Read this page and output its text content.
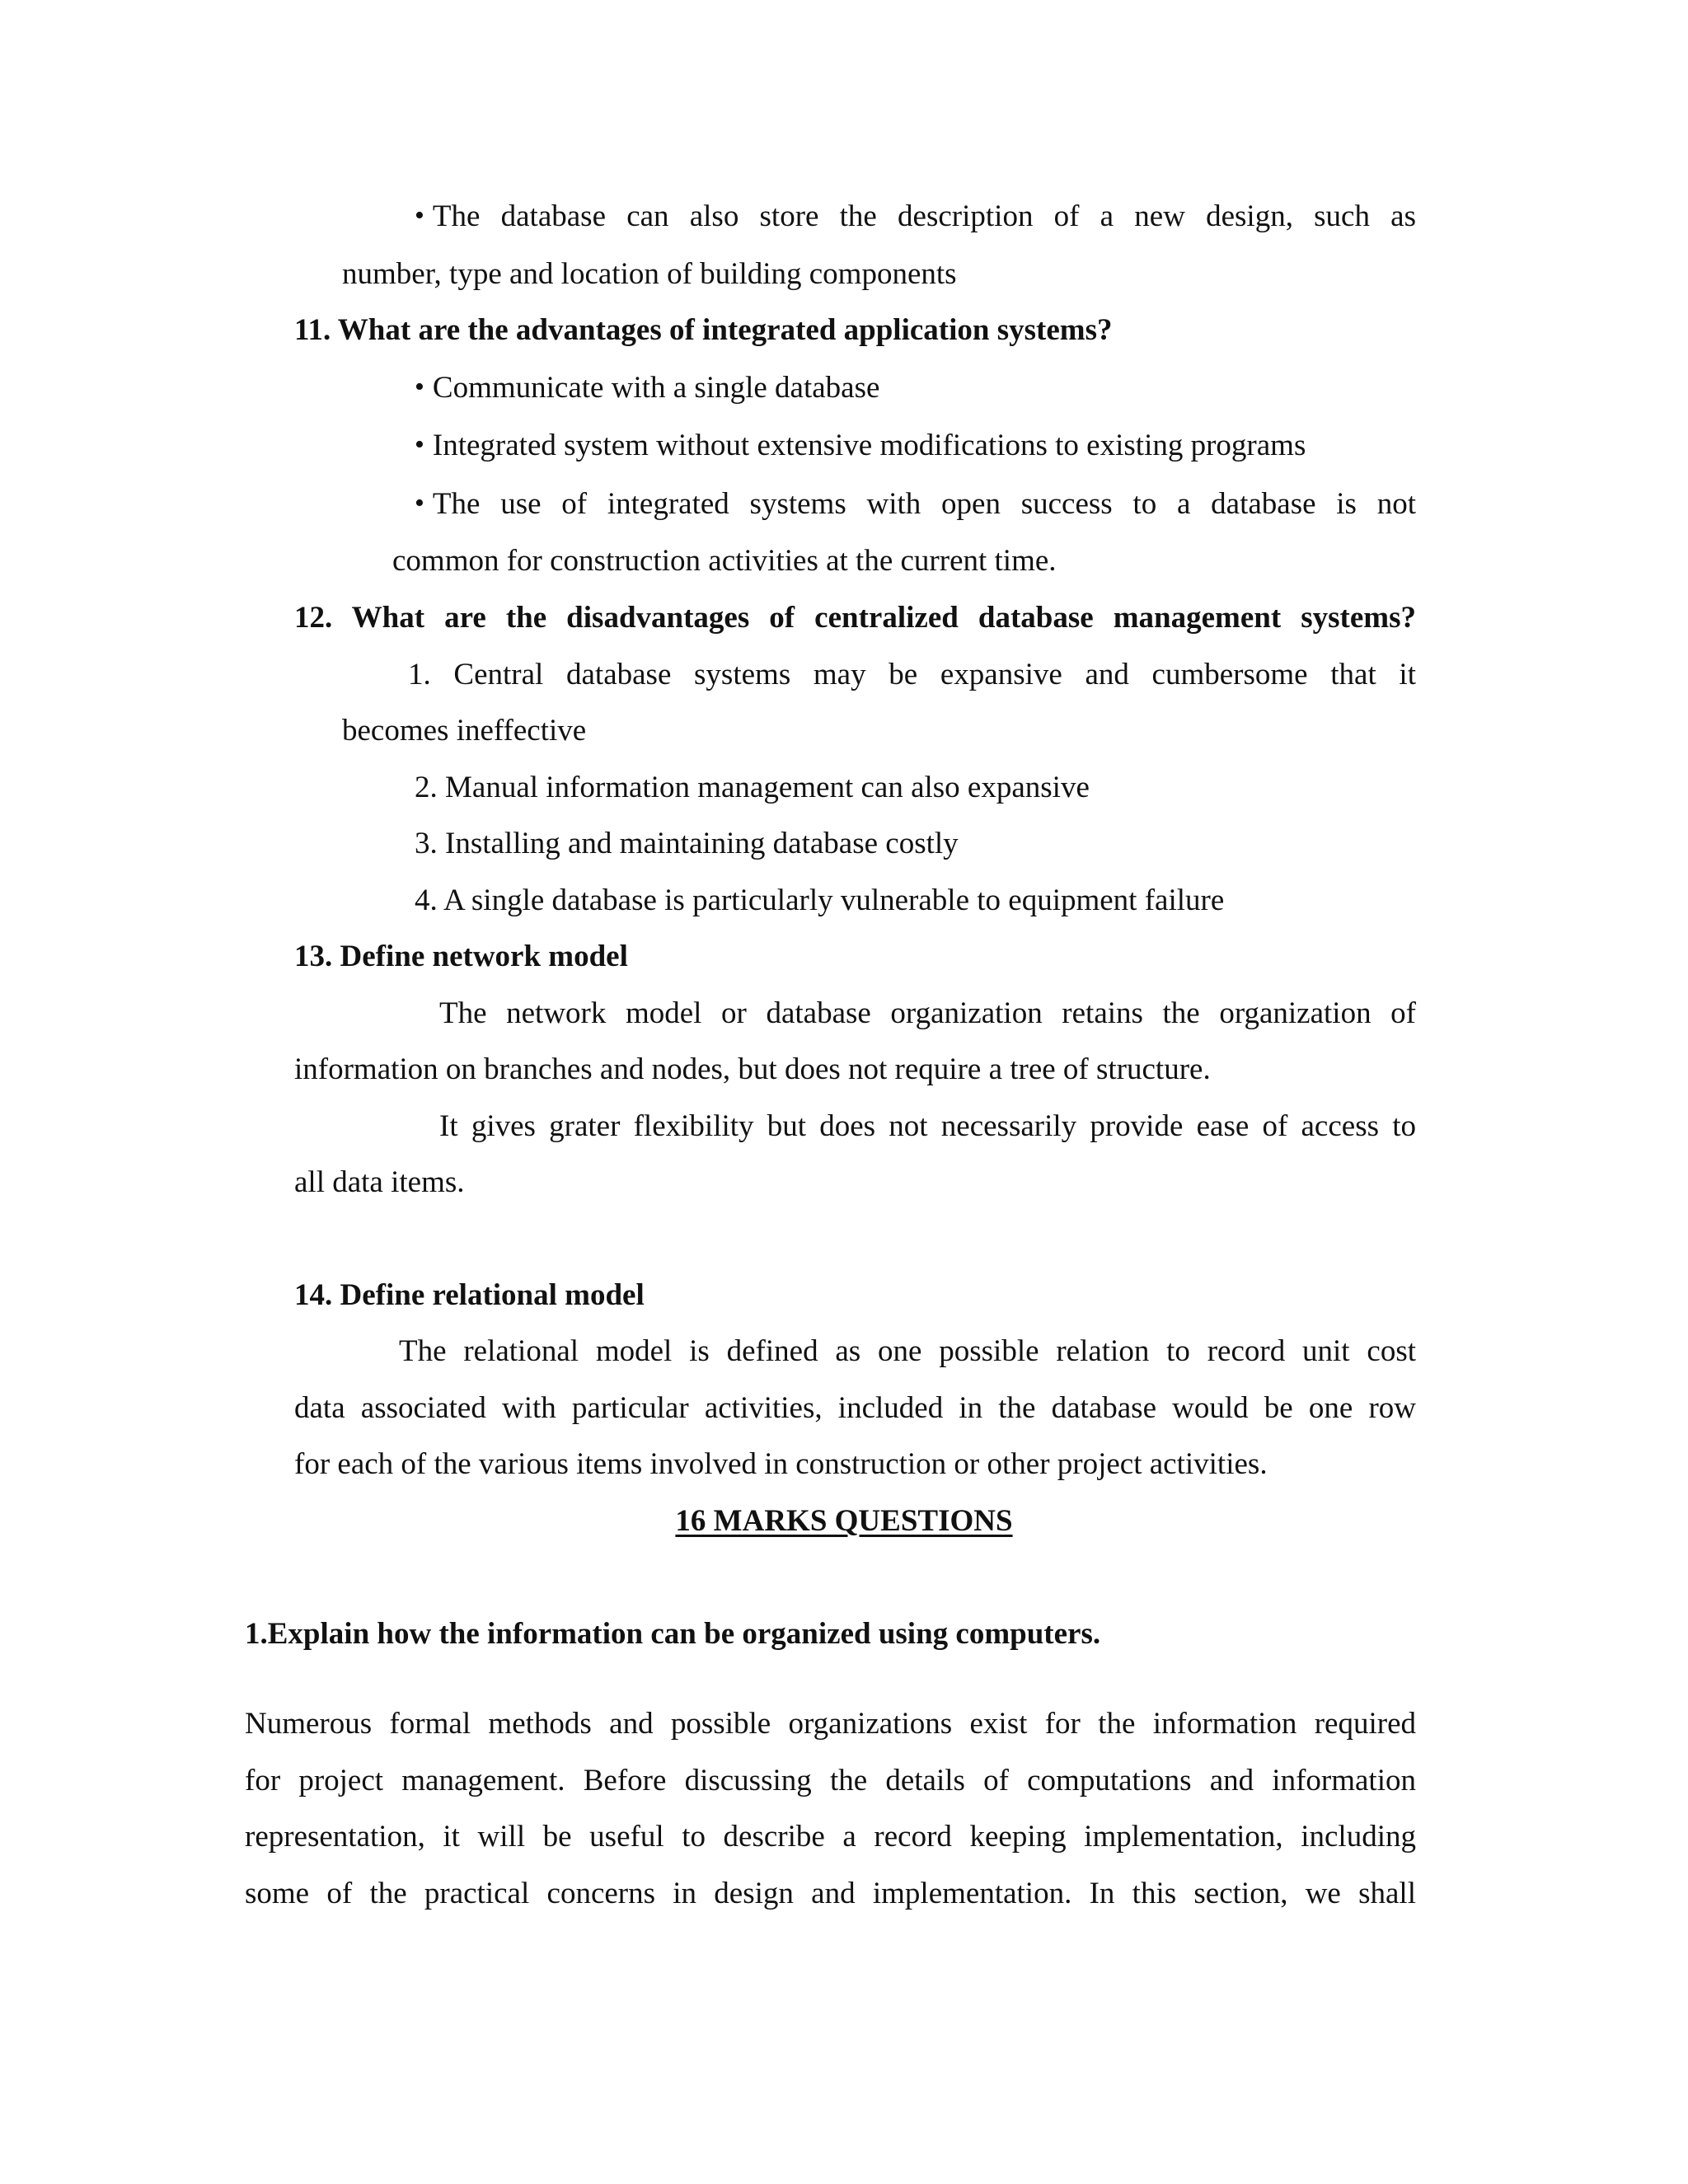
• The database can also store the description of a new design, such as

number, type and location of building components

11. What are the advantages of integrated application systems?

• Communicate with a single database

• Integrated system without extensive modifications to existing programs

• The use of integrated systems with open success to a database is not

common for construction activities at the current time.

12. What are the disadvantages of centralized database management systems?

1. Central database systems may be expansive and cumbersome that it

becomes ineffective

2. Manual information management can also expansive

3. Installing and maintaining database costly

4. A single database is particularly vulnerable to equipment failure

13. Define network model

The network model or database organization retains the organization of

information on branches and nodes, but does not require a tree of structure.

It gives grater flexibility but does not necessarily provide ease of access to

all data items.

14. Define relational model

The relational model is defined as one possible relation to record unit cost

data associated with particular activities, included in the database would be one row

for each of the various items involved in construction or other project activities.

16 MARKS QUESTIONS

1.Explain how the information can be organized using computers.

Numerous formal methods and possible organizations exist for the information required

for project management. Before discussing the details of computations and information

representation, it will be useful to describe a record keeping implementation, including

some of the practical concerns in design and implementation. In this section, we shall
